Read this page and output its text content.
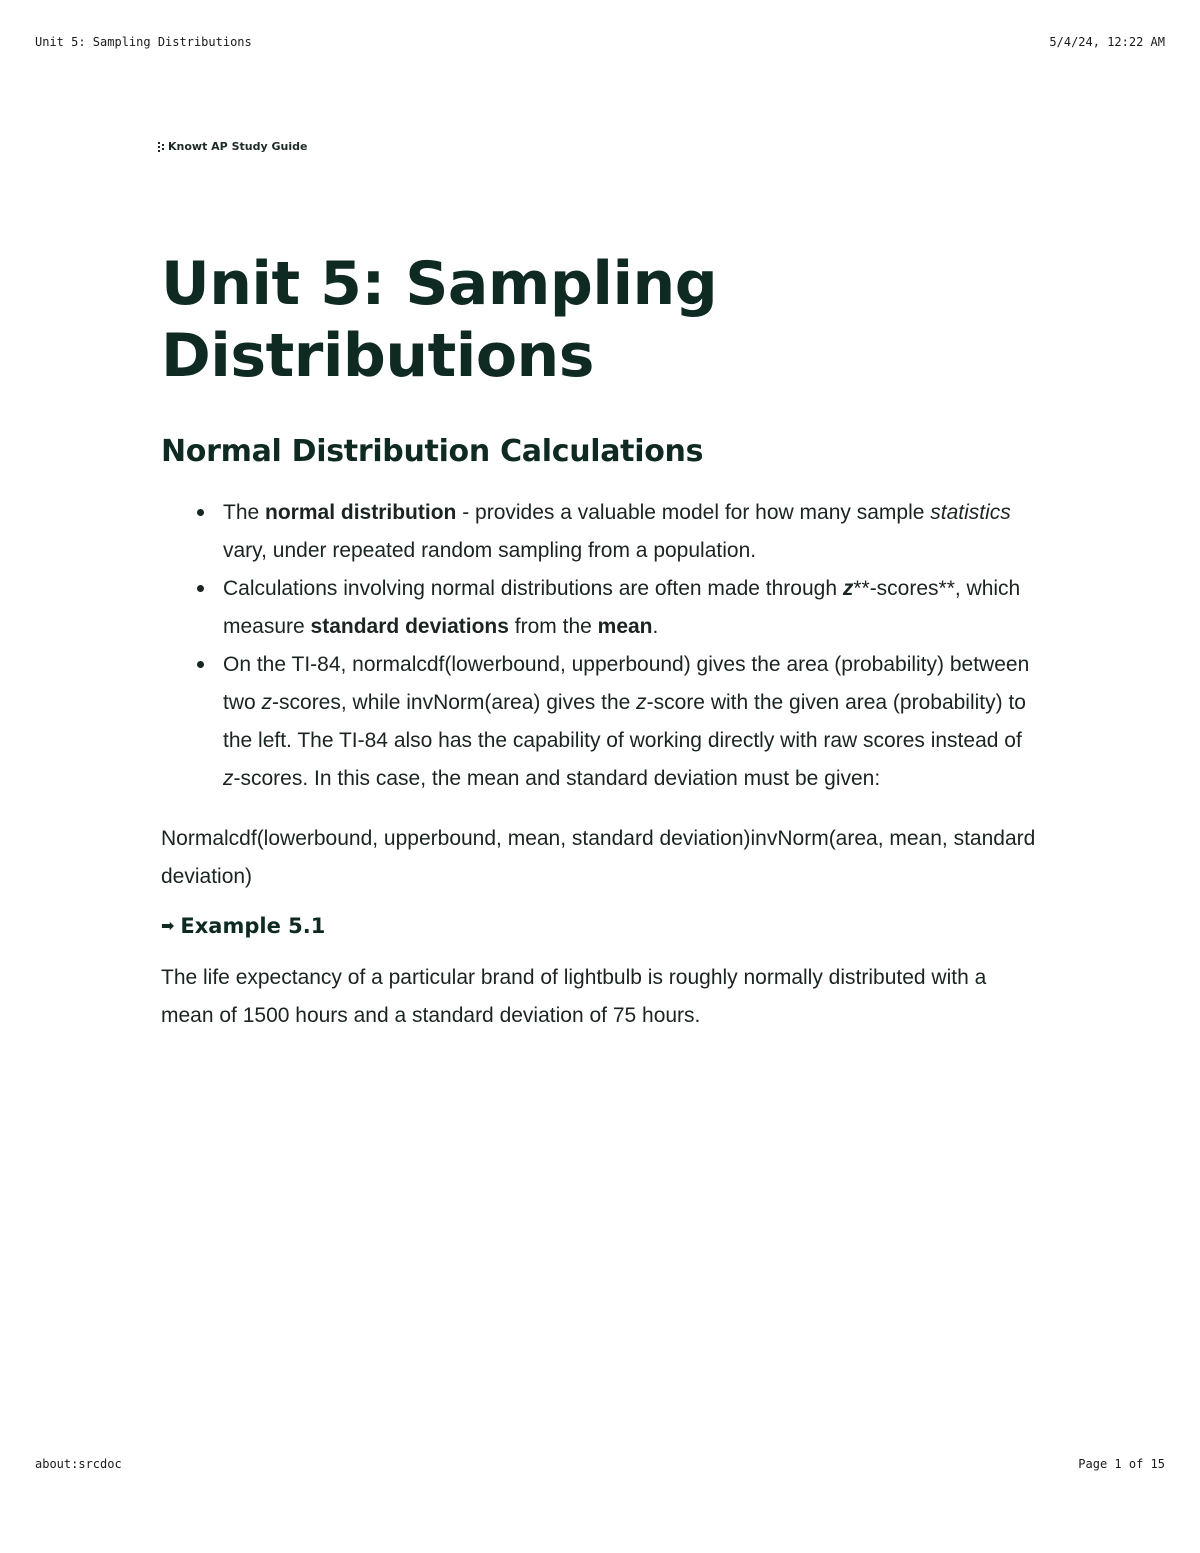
Unit 5: Sampling Distributions	5/4/24, 12:22 AM
Knowt AP Study Guide
Unit 5: Sampling
Distributions
Normal Distribution Calculations
The normal distribution - provides a valuable model for how many sample statistics vary, under repeated random sampling from a population.
Calculations involving normal distributions are often made through z**-scores**, which measure standard deviations from the mean.
On the TI-84, normalcdf(lowerbound, upperbound) gives the area (probability) between two z-scores, while invNorm(area) gives the z-score with the given area (probability) to the left. The TI-84 also has the capability of working directly with raw scores instead of z-scores. In this case, the mean and standard deviation must be given:
Normalcdf(lowerbound, upperbound, mean, standard deviation)invNorm(area, mean, standard deviation)
➡ Example 5.1
The life expectancy of a particular brand of lightbulb is roughly normally distributed with a mean of 1500 hours and a standard deviation of 75 hours.
about:srcdoc	Page 1 of 15
